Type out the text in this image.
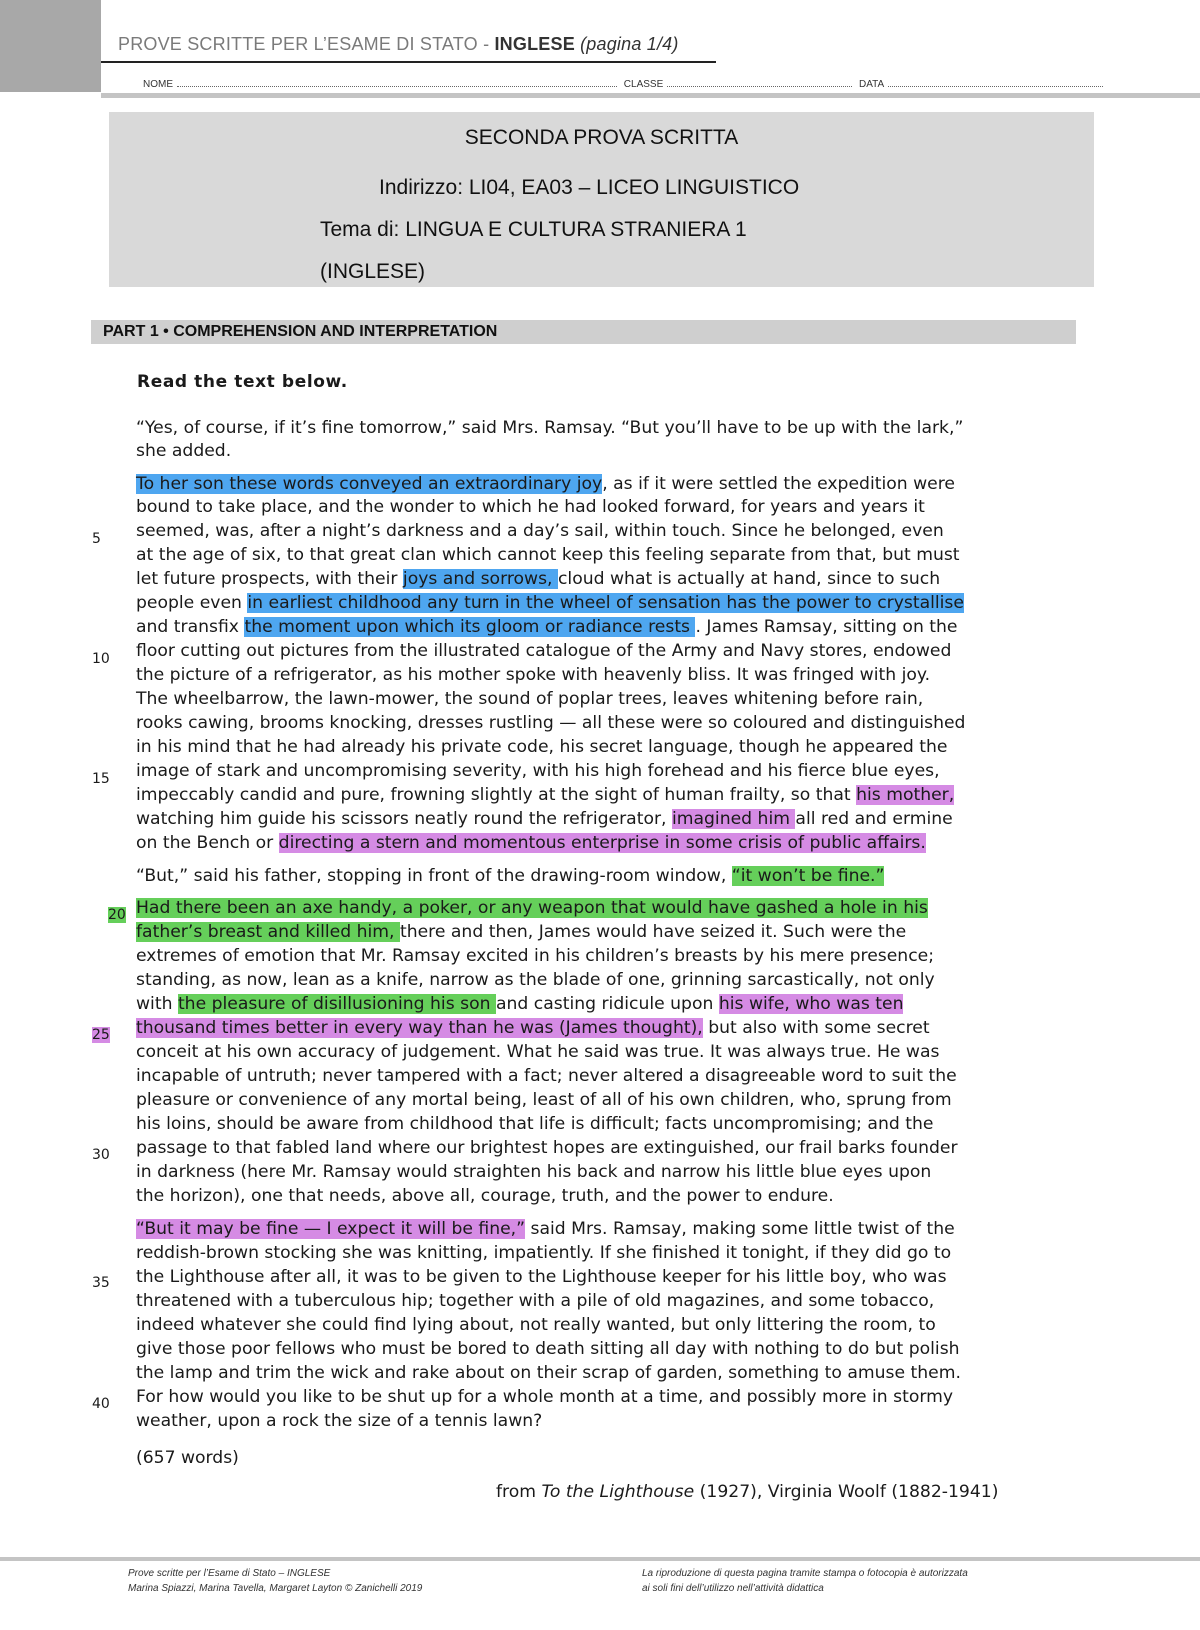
PROVE SCRITTE PER L’ESAME DI STATO - INGLESE (pagina 1/4)
NOME	CLASSE	DATA
SECONDA PROVA SCRITTA
Indirizzo: LI04, EA03 – LICEO LINGUISTICO
Tema di: LINGUA E CULTURA STRANIERA 1
(INGLESE)
PART 1 • COMPREHENSION AND INTERPRETATION
Read the text below.
“Yes, of course, if it’s fine tomorrow,” said Mrs. Ramsay. “But you’ll have to be up with the lark,”
she added.
To her son these words conveyed an extraordinary joy, as if it were settled the expedition were
bound to take place, and the wonder to which he had looked forward, for years and years it
seemed, was, after a night’s darkness and a day’s sail, within touch. Since he belonged, even
at the age of six, to that great clan which cannot keep this feeling separate from that, but must
let future prospects, with their joys and sorrows, cloud what is actually at hand, since to such
people even in earliest childhood any turn in the wheel of sensation has the power to crystallise
and transfix the moment upon which its gloom or radiance rests . James Ramsay, sitting on the
floor cutting out pictures from the illustrated catalogue of the Army and Navy stores, endowed
the picture of a refrigerator, as his mother spoke with heavenly bliss. It was fringed with joy.
The wheelbarrow, the lawn-mower, the sound of poplar trees, leaves whitening before rain,
rooks cawing, brooms knocking, dresses rustling — all these were so coloured and distinguished
in his mind that he had already his private code, his secret language, though he appeared the
image of stark and uncompromising severity, with his high forehead and his fierce blue eyes,
impeccably candid and pure, frowning slightly at the sight of human frailty, so that his mother,
watching him guide his scissors neatly round the refrigerator, imagined him all red and ermine
on the Bench or directing a stern and momentous enterprise in some crisis of public affairs.
“But,” said his father, stopping in front of the drawing-room window, “it won’t be fine.”
Had there been an axe handy, a poker, or any weapon that would have gashed a hole in his
father’s breast and killed him, there and then, James would have seized it. Such were the
extremes of emotion that Mr. Ramsay excited in his children’s breasts by his mere presence;
standing, as now, lean as a knife, narrow as the blade of one, grinning sarcastically, not only
with the pleasure of disillusioning his son and casting ridicule upon his wife, who was ten
thousand times better in every way than he was (James thought), but also with some secret
conceit at his own accuracy of judgement. What he said was true. It was always true. He was
incapable of untruth; never tampered with a fact; never altered a disagreeable word to suit the
pleasure or convenience of any mortal being, least of all of his own children, who, sprung from
his loins, should be aware from childhood that life is difficult; facts uncompromising; and the
passage to that fabled land where our brightest hopes are extinguished, our frail barks founder
in darkness (here Mr. Ramsay would straighten his back and narrow his little blue eyes upon
the horizon), one that needs, above all, courage, truth, and the power to endure.
“But it may be fine — I expect it will be fine,” said Mrs. Ramsay, making some little twist of the
reddish-brown stocking she was knitting, impatiently. If she finished it tonight, if they did go to
the Lighthouse after all, it was to be given to the Lighthouse keeper for his little boy, who was
threatened with a tuberculous hip; together with a pile of old magazines, and some tobacco,
indeed whatever she could find lying about, not really wanted, but only littering the room, to
give those poor fellows who must be bored to death sitting all day with nothing to do but polish
the lamp and trim the wick and rake about on their scrap of garden, something to amuse them.
For how would you like to be shut up for a whole month at a time, and possibly more in stormy
weather, upon a rock the size of a tennis lawn?
5
10
15
20
25
30
35
40
(657 words)
from To the Lighthouse (1927), Virginia Woolf (1882-1941)
Prove scritte per l’Esame di Stato – INGLESE
Marina Spiazzi, Marina Tavella, Margaret Layton © Zanichelli 2019
La riproduzione di questa pagina tramite stampa o fotocopia è autorizzata
ai soli fini dell’utilizzo nell’attività didattica
